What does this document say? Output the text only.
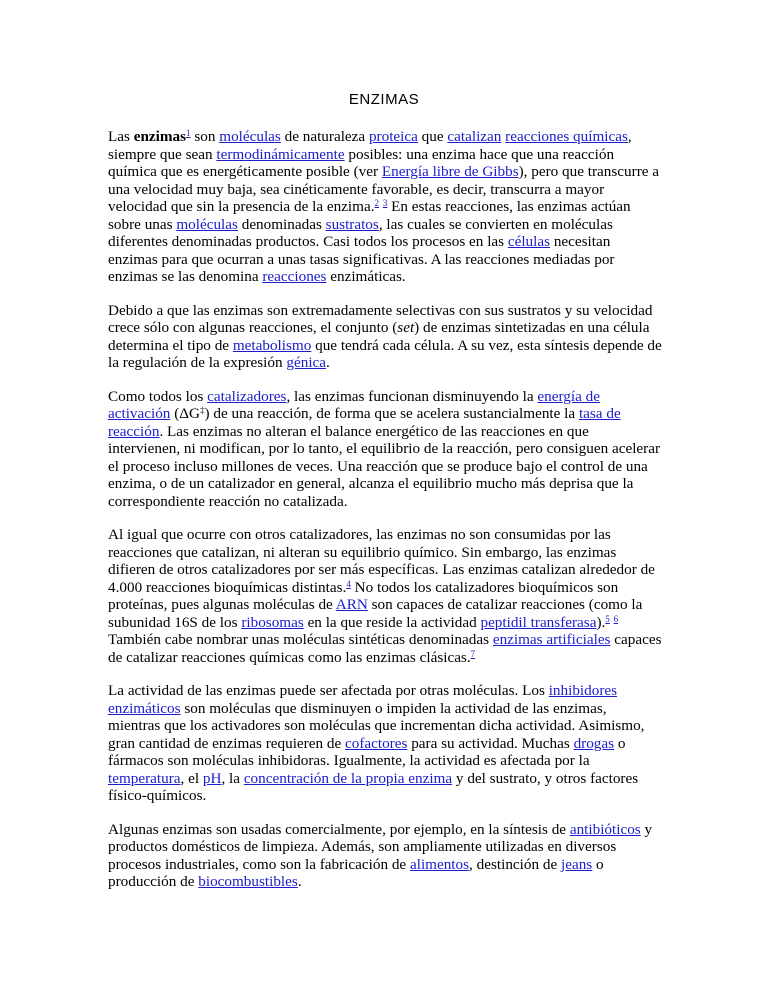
ENZIMAS

Las enzimas$^1$ son moléculas de naturaleza proteica que catalizan reacciones químicas, siempre que sean termodinámicamente posibles: una enzima hace que una reacción química que es energéticamente posible (ver Energía libre de Gibbs), pero que transcurre a una velocidad muy baja, sea cinéticamente favorable, es decir, transcurra a mayor velocidad que sin la presencia de la enzima.$^2$ $^3$ En estas reacciones, las enzimas actúan sobre unas moléculas denominadas sustratos, las cuales se convierten en moléculas diferentes denominadas productos. Casi todos los procesos en las células necesitan enzimas para que ocurran a unas tasas significativas. A las reacciones mediadas por enzimas se las denomina reacciones enzimáticas.

Debido a que las enzimas son extremadamente selectivas con sus sustratos y su velocidad crece sólo con algunas reacciones, el conjunto (set) de enzimas sintetizadas en una célula determina el tipo de metabolismo que tendrá cada célula. A su vez, esta síntesis depende de la regulación de la expresión génica.

Como todos los catalizadores, las enzimas funcionan disminuyendo la energía de activación (ΔG‡) de una reacción, de forma que se acelera sustancialmente la tasa de reacción. Las enzimas no alteran el balance energético de las reacciones en que intervienen, ni modifican, por lo tanto, el equilibrio de la reacción, pero consiguen acelerar el proceso incluso millones de veces. Una reacción que se produce bajo el control de una enzima, o de un catalizador en general, alcanza el equilibrio mucho más deprisa que la correspondiente reacción no catalizada.

Al igual que ocurre con otros catalizadores, las enzimas no son consumidas por las reacciones que catalizan, ni alteran su equilibrio químico. Sin embargo, las enzimas difieren de otros catalizadores por ser más específicas. Las enzimas catalizan alrededor de 4.000 reacciones bioquímicas distintas.$^4$ No todos los catalizadores bioquímicos son proteínas, pues algunas moléculas de ARN son capaces de catalizar reacciones (como la subunidad 16S de los ribosomas en la que reside la actividad peptidil transferasa).$^5$ $^6$ También cabe nombrar unas moléculas sintéticas denominadas enzimas artificiales capaces de catalizar reacciones químicas como las enzimas clásicas.$^7$

La actividad de las enzimas puede ser afectada por otras moléculas. Los inhibidores enzimáticos son moléculas que disminuyen o impiden la actividad de las enzimas, mientras que los activadores son moléculas que incrementan dicha actividad. Asimismo, gran cantidad de enzimas requieren de cofactores para su actividad. Muchas drogas o fármacos son moléculas inhibidoras. Igualmente, la actividad es afectada por la temperatura, el pH, la concentración de la propia enzima y del sustrato, y otros factores físico-químicos.

Algunas enzimas son usadas comercialmente, por ejemplo, en la síntesis de antibióticos y productos domésticos de limpieza. Además, son ampliamente utilizadas en diversos procesos industriales, como son la fabricación de alimentos, destinción de jeans o producción de biocombustibles.
